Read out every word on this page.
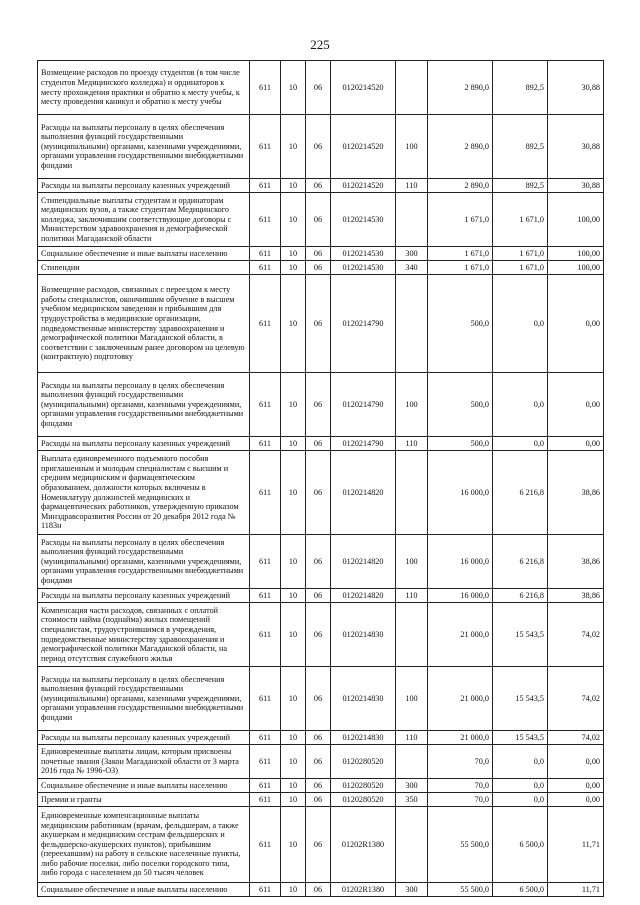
225
Возмещение расходов по проезду студентов (в том числе студентов Медицинского колледжа) и ординаторов к месту прохождения практики и обратно к месту учебы, к месту проведения каникул и обратно к месту учебы	611	10	06	0120214520		2 890,0	892,5	30,88
Расходы на выплаты персоналу в целях обеспечения выполнения функций государственными (муниципальными) органами, казенными учреждениями, органами управления государственными внебюджетными фондами	611	10	06	0120214520	100	2 890,0	892,5	30,88
Расходы на выплаты персоналу казенных учреждений	611	10	06	0120214520	110	2 890,0	892,5	30,88
Стипендиальные выплаты студентам и ординаторам медицинских вузов, а также студентам Медицинского колледжа, заключившим соответствующие договоры с Министерством здравоохранения и демографической политики Магаданской области	611	10	06	0120214530		1 671,0	1 671,0	100,00
Социальное обеспечение и иные выплаты населению	611	10	06	0120214530	300	1 671,0	1 671,0	100,00
Стипендии	611	10	06	0120214530	340	1 671,0	1 671,0	100,00
Возмещение расходов, связанных с переездом к месту работы специалистов, окончившим обучение в высшем учебном медицинском заведении и прибывшим для трудоустройства в медицинские организации, подведомственные министерству здравоохранения и демографической политики Магаданской области, в соответствии с заключенным ранее договором на целевую (контрактную) подготовку	611	10	06	0120214790		500,0	0,0	0,00
Расходы на выплаты персоналу в целях обеспечения выполнения функций государственными (муниципальными) органами, казенными учреждениями, органами управления государственными внебюджетными фондами	611	10	06	0120214790	100	500,0	0,0	0,00
Расходы на выплаты персоналу казенных учреждений	611	10	06	0120214790	110	500,0	0,0	0,00
Выплата единовременного подъемного пособия приглашенным и молодым специалистам с высшим и средним медицинским и фармацевтическим образованием, должности которых включены в Номенклатуру должностей медицинских и фармацевтических работников, утвержденную приказом Минздравсоразвития России от 20 декабря 2012 года № 1183н	611	10	06	0120214820		16 000,0	6 216,8	38,86
Расходы на выплаты персоналу в целях обеспечения выполнения функций государственными (муниципальными) органами, казенными учреждениями, органами управления государственными внебюджетными фондами	611	10	06	0120214820	100	16 000,0	6 216,8	38,86
Расходы на выплаты персоналу казенных учреждений	611	10	06	0120214820	110	16 000,0	6 216,8	38,86
Компенсация части расходов, связанных с оплатой стоимости найма (поднайма) жилых помещений специалистам, трудоустроившимся в учреждения, подведомственные министерству здравоохранения и демографической политики Магаданской области, на период отсутствия служебного жилья	611	10	06	0120214830		21 000,0	15 543,5	74,02
Расходы на выплаты персоналу в целях обеспечения выполнения функций государственными (муниципальными) органами, казенными учреждениями, органами управления государственными внебюджетными фондами	611	10	06	0120214830	100	21 000,0	15 543,5	74,02
Расходы на выплаты персоналу казенных учреждений	611	10	06	0120214830	110	21 000,0	15 543,5	74,02
Единовременные выплаты лицам, которым присвоены почетные звания (Закон Магаданской области от 3 марта 2016 года № 1996-ОЗ)	611	10	06	0120280520		70,0	0,0	0,00
Социальное обеспечение и иные выплаты населению	611	10	06	0120280520	300	70,0	0,0	0,00
Премии и гранты	611	10	06	0120280520	350	70,0	0,0	0,00
Единовременные компенсационные выплаты медицинским работникам (врачам, фельдшерам, а также акушеркам и медицинским сестрам фельдшерских и фельдшерско-акушерских пунктов), прибывшим (переехавшим) на работу в сельские населенные пункты, либо рабочие поселки, либо поселки городского типа, либо города с населением до 50 тысяч человек	611	10	06	01202R1380		55 500,0	6 500,0	11,71
Социальное обеспечение и иные выплаты населению	611	10	06	01202R1380	300	55 500,0	6 500,0	11,71
